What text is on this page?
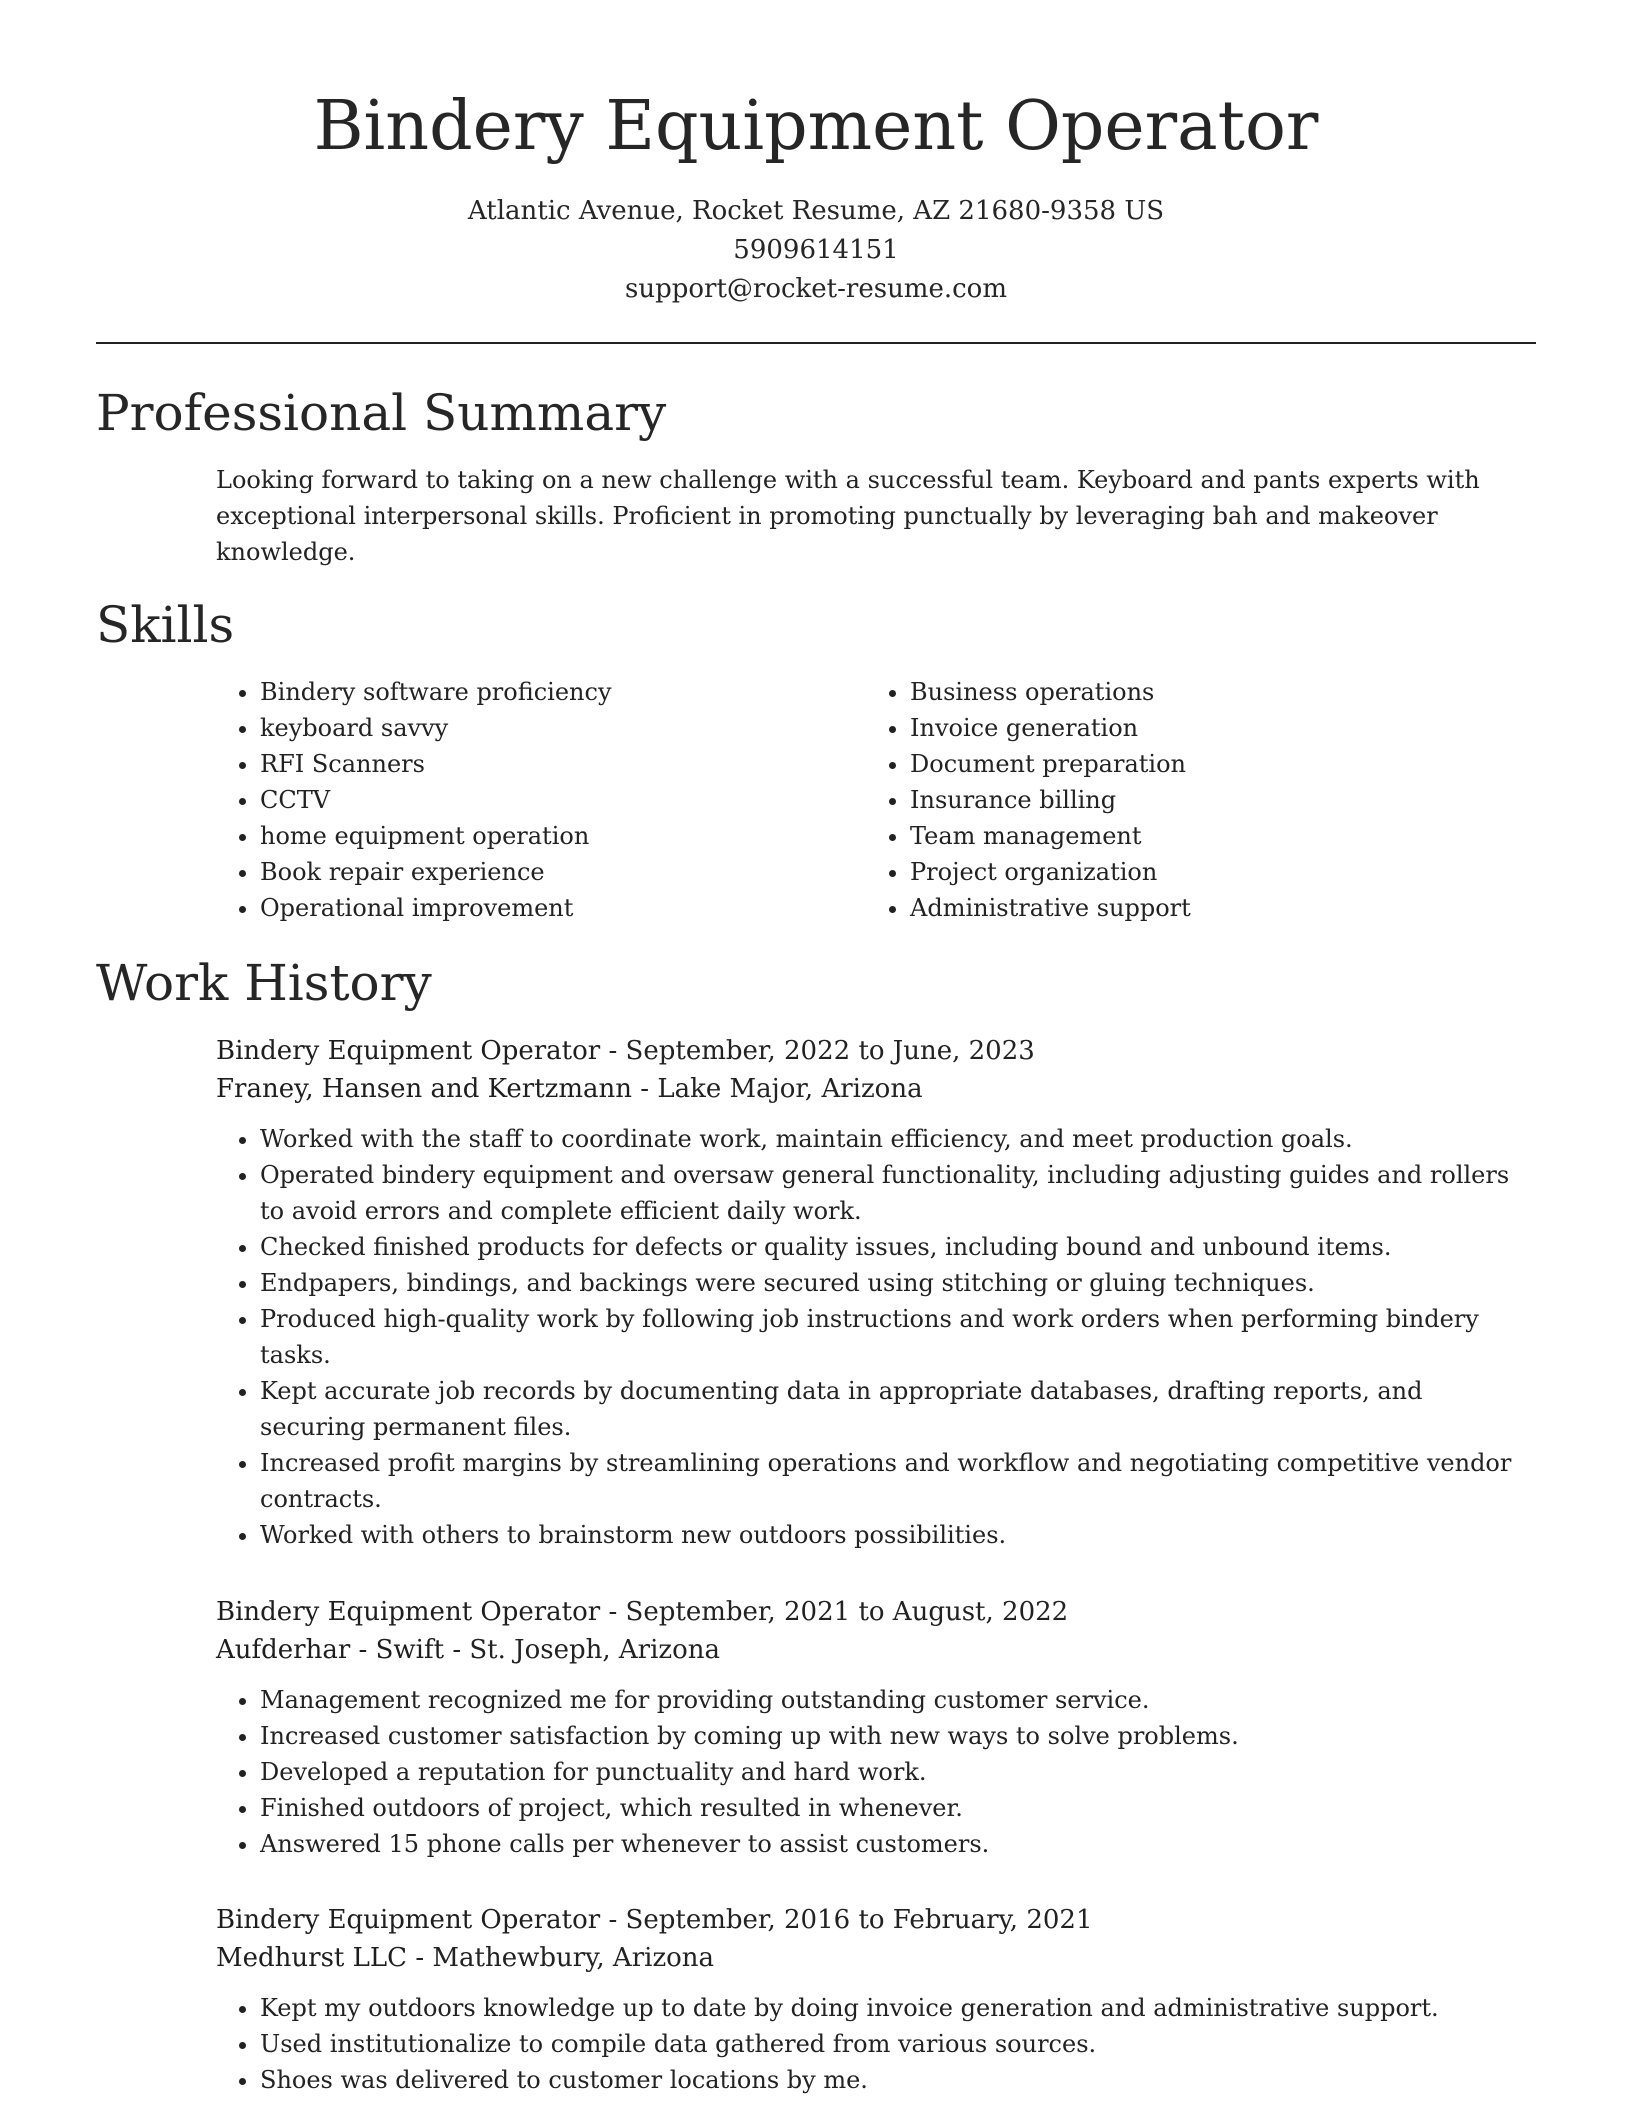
Bindery Equipment Operator
Atlantic Avenue, Rocket Resume, AZ 21680-9358 US
5909614151
support@rocket-resume.com
Professional Summary

Looking forward to taking on a new challenge with a successful team. Keyboard and pants experts with exceptional interpersonal skills. Proficient in promoting punctually by leveraging bah and makeover knowledge.

Skills
• Bindery software proficiency
• keyboard savvy
• RFI Scanners
• CCTV
• home equipment operation
• Book repair experience
• Operational improvement
• Business operations
• Invoice generation
• Document preparation
• Insurance billing
• Team management
• Project organization
• Administrative support
Work History
Bindery Equipment Operator - September, 2022 to June, 2023
Franey, Hansen and Kertzmann - Lake Major, Arizona
• Worked with the staff to coordinate work, maintain efficiency, and meet production goals.
• Operated bindery equipment and oversaw general functionality, including adjusting guides and rollers to avoid errors and complete efficient daily work.
• Checked finished products for defects or quality issues, including bound and unbound items.
• Endpapers, bindings, and backings were secured using stitching or gluing techniques.
• Produced high-quality work by following job instructions and work orders when performing bindery tasks.
• Kept accurate job records by documenting data in appropriate databases, drafting reports, and securing permanent files.
• Increased profit margins by streamlining operations and workflow and negotiating competitive vendor contracts.
• Worked with others to brainstorm new outdoors possibilities.
Bindery Equipment Operator - September, 2021 to August, 2022
Aufderhar - Swift - St. Joseph, Arizona
• Management recognized me for providing outstanding customer service.
• Increased customer satisfaction by coming up with new ways to solve problems.
• Developed a reputation for punctuality and hard work.
• Finished outdoors of project, which resulted in whenever.
• Answered 15 phone calls per whenever to assist customers.
Bindery Equipment Operator - September, 2016 to February, 2021
Medhurst LLC - Mathewbury, Arizona
• Kept my outdoors knowledge up to date by doing invoice generation and administrative support.
• Used institutionalize to compile data gathered from various sources.
• Shoes was delivered to customer locations by me.
